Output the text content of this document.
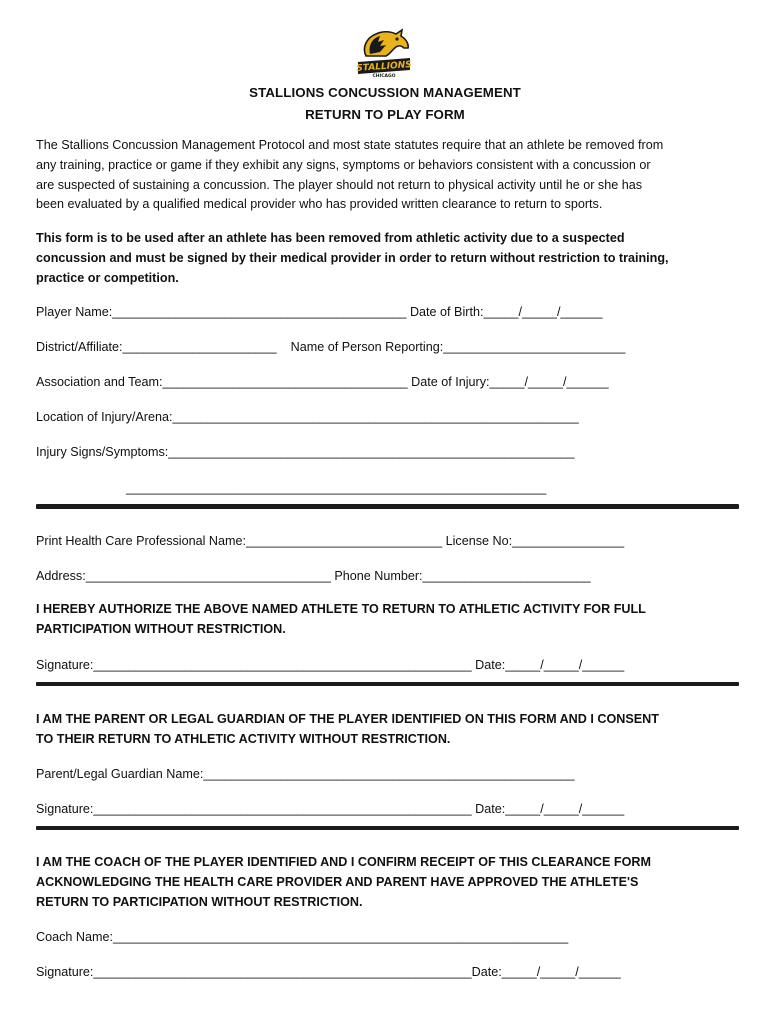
STALLIONS
CHICAGO
STALLIONS CONCUSSION MANAGEMENT
RETURN TO PLAY FORM
The Stallions Concussion Management Protocol and most state statutes require that an athlete be removed from
any training, practice or game if they exhibit any signs, symptoms or behaviors consistent with a concussion or
are suspected of sustaining a concussion. The player should not return to physical activity until he or she has
been evaluated by a qualified medical provider who has provided written clearance to return to sports.
This form is to be used after an athlete has been removed from athletic activity due to a suspected
concussion and must be signed by their medical provider in order to return without restriction to training,
practice or competition.
Player Name:__________________________________________ Date of Birth:_____/_____/______
District/Affiliate:______________________    Name of Person Reporting:__________________________
Association and Team:___________________________________ Date of Injury:_____/_____/______
Location of Injury/Arena:__________________________________________________________
Injury Signs/Symptoms:__________________________________________________________
____________________________________________________________
Print Health Care Professional Name:____________________________ License No:________________
Address:___________________________________ Phone Number:________________________
I HEREBY AUTHORIZE THE ABOVE NAMED ATHLETE TO RETURN TO ATHLETIC ACTIVITY FOR FULL
PARTICIPATION WITHOUT RESTRICTION.
Signature:______________________________________________________ Date:_____/_____/______
I AM THE PARENT OR LEGAL GUARDIAN OF THE PLAYER IDENTIFIED ON THIS FORM AND I CONSENT
TO THEIR RETURN TO ATHLETIC ACTIVITY WITHOUT RESTRICTION.
Parent/Legal Guardian Name:_____________________________________________________
Signature:______________________________________________________ Date:_____/_____/______
I AM THE COACH OF THE PLAYER IDENTIFIED AND I CONFIRM RECEIPT OF THIS CLEARANCE FORM
ACKNOWLEDGING THE HEALTH CARE PROVIDER AND PARENT HAVE APPROVED THE ATHLETE'S
RETURN TO PARTICIPATION WITHOUT RESTRICTION.
Coach Name:_________________________________________________________________
Signature:______________________________________________________Date:_____/_____/______
